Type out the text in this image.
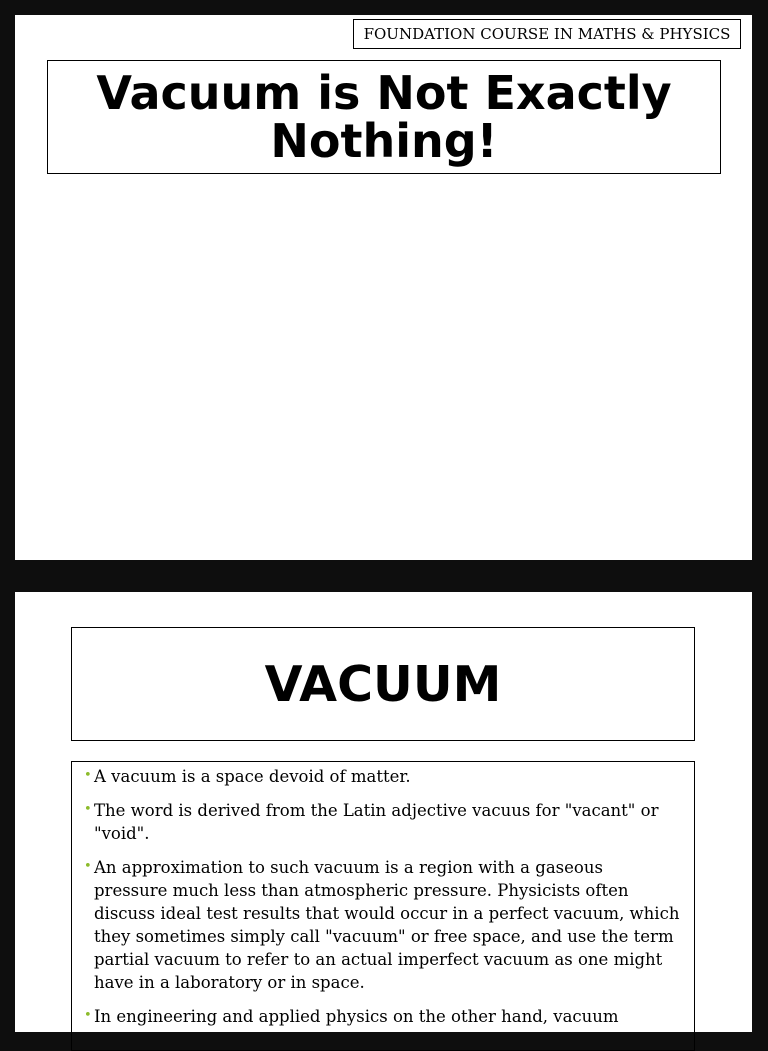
FOUNDATION COURSE IN MATHS & PHYSICS
Vacuum is Not Exactly Nothing!
VACUUM
• A vacuum is a space devoid of matter.
• The word is derived from the Latin adjective vacuus for "vacant" or "void".
• An approximation to such vacuum is a region with a gaseous pressure much less than atmospheric pressure. Physicists often discuss ideal test results that would occur in a perfect vacuum, which they sometimes simply call "vacuum" or free space, and use the term partial vacuum to refer to an actual imperfect vacuum as one might have in a laboratory or in space.
• In engineering and applied physics on the other hand, vacuum
